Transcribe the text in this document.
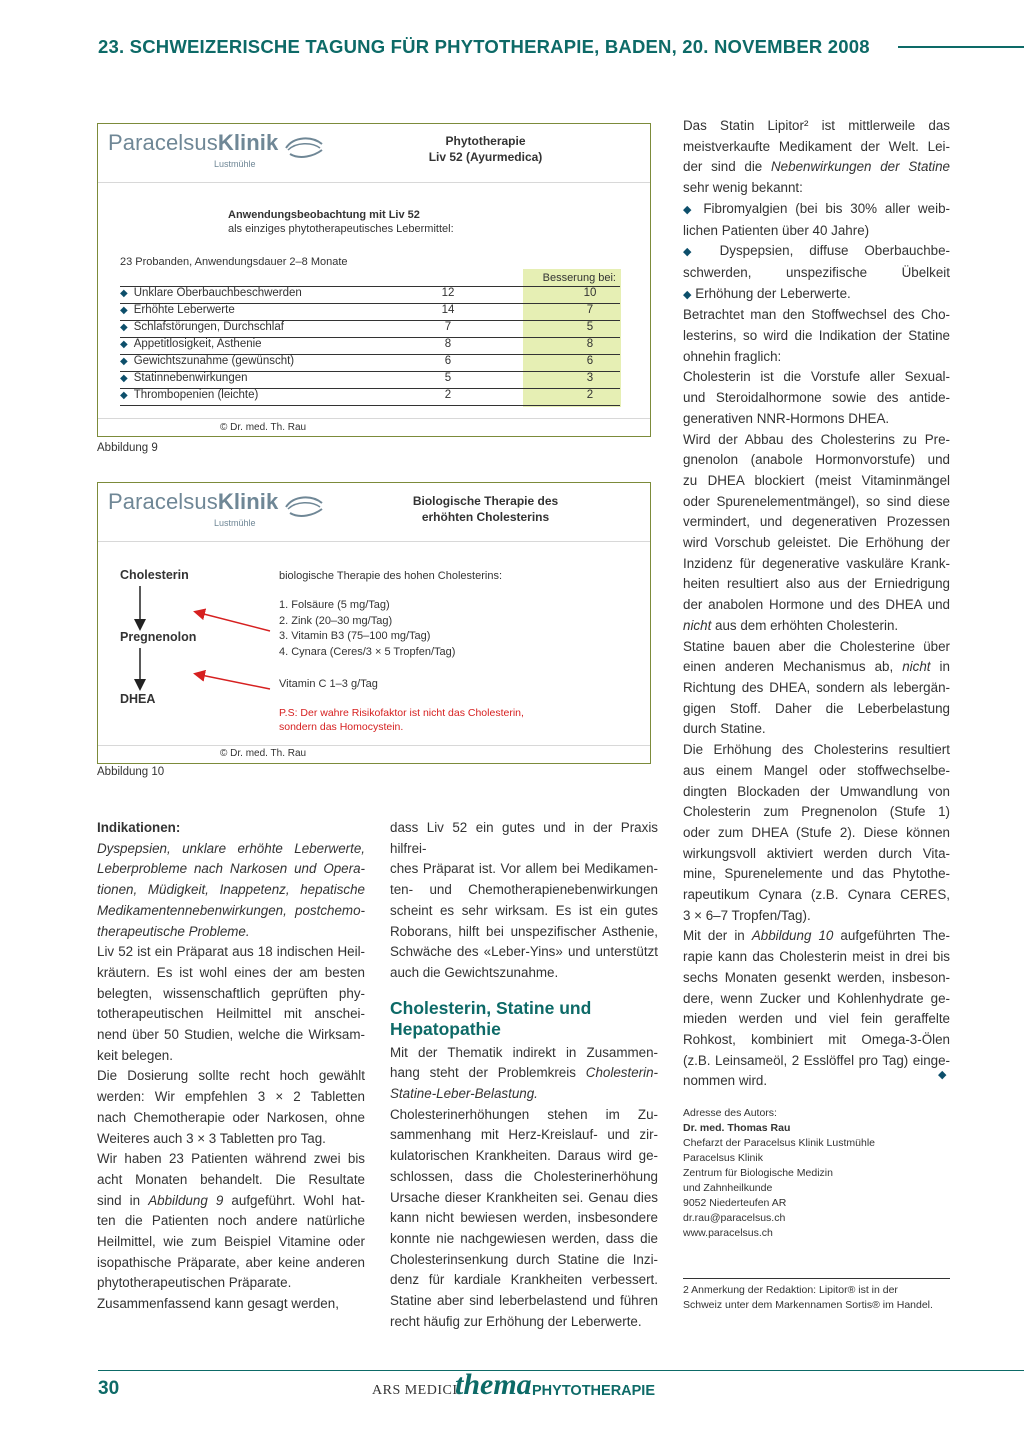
23. SCHWEIZERISCHE TAGUNG FÜR PHYTOTHERAPIE, BADEN, 20. NOVEMBER 2008
ParacelsusKlinik
Lustmühle
Phytotherapie
Liv 52 (Ayurmedica)
Anwendungsbeobachtung mit Liv 52
als einziges phytotherapeutisches Lebermittel:
23 Probanden, Anwendungsdauer 2–8 Monate
Besserung bei:
© Dr. med. Th. Rau
◆ Unklare Oberbauchbeschwerden	12	10
◆ Erhöhte Leberwerte	14	7
◆ Schlafstörungen, Durchschlaf	7	5
◆ Appetitlosigkeit, Asthenie	8	8
◆ Gewichtszunahme (gewünscht)	6	6
◆ Statinnebenwirkungen	5	3
◆ Thrombopenien (leichte)	2	2
Abbildung 9
ParacelsusKlinik
Lustmühle
Biologische Therapie des
erhöhten Cholesterins
Cholesterin
Pregnenolon
DHEA
biologische Therapie des hohen Cholesterins:
1. Folsäure (5 mg/Tag)
2. Zink (20–30 mg/Tag)
3. Vitamin B3 (75–100 mg/Tag)
4. Cynara (Ceres/3 × 5 Tropfen/Tag)
Vitamin C 1–3 g/Tag
P.S: Der wahre Risikofaktor ist nicht das Cholesterin,
sondern das Homocystein.
© Dr. med. Th. Rau
Abbildung 10

Indikationen:

Dyspepsien, unklare erhöhte Leberwerte,

Leberprobleme nach Narkosen und Opera-

tionen, Müdigkeit, Inappetenz, hepatische

Medikamentennebenwirkungen, postchemo-

therapeutische Probleme.

Liv 52 ist ein Präparat aus 18 indischen Heil-

kräutern. Es ist wohl eines der am besten

belegten, wissenschaftlich geprüften phy-

totherapeutischen Heilmittel mit anschei-

nend über 50 Studien, welche die Wirksam-

keit belegen.

Die Dosierung sollte recht hoch gewählt

werden: Wir empfehlen 3 × 2 Tabletten

nach Chemotherapie oder Narkosen, ohne

Weiteres auch 3 × 3 Tabletten pro Tag.

Wir haben 23 Patienten während zwei bis

acht Monaten behandelt. Die Resultate

sind in Abbildung 9 aufgeführt. Wohl hat-

ten die Patienten noch andere natürliche

Heilmittel, wie zum Beispiel Vitamine oder

isopathische Präparate, aber keine anderen

phytotherapeutischen Präparate.

Zusammenfassend kann gesagt werden,

dass Liv 52 ein gutes und in der Praxis hilfrei-

ches Präparat ist. Vor allem bei Medikamen-

ten- und Chemotherapienebenwirkungen

scheint es sehr wirksam. Es ist ein gutes

Roborans, hilft bei unspezifischer Asthenie,

Schwäche des «Leber-Yins» und unterstützt

auch die Gewichtszunahme.

Cholesterin, Statine und
Hepatopathie

Mit der Thematik indirekt in Zusammen-

hang steht der Problemkreis Cholesterin-

Statine-Leber-Belastung.

Cholesterinerhöhungen stehen im Zu-

sammenhang mit Herz-Kreislauf- und zir-

kulatorischen Krankheiten. Daraus wird ge-

schlossen, dass die Cholesterinerhöhung

Ursache dieser Krankheiten sei. Genau dies

kann nicht bewiesen werden, insbesondere

konnte nie nachgewiesen werden, dass die

Cholesterinsenkung durch Statine die Inzi-

denz für kardiale Krankheiten verbessert.

Statine aber sind leberbelastend und führen

recht häufig zur Erhöhung der Leberwerte.

Das Statin Lipitor² ist mittlerweile das

meistverkaufte Medikament der Welt. Lei-

der sind die Nebenwirkungen der Statine

sehr wenig bekannt:

◆ Fibromyalgien (bei bis 30% aller weib-

lichen Patienten über 40 Jahre)

◆ Dyspepsien, diffuse Oberbauchbe-

schwerden, unspezifische Übelkeit

◆ Erhöhung der Leberwerte.

Betrachtet man den Stoffwechsel des Cho-

lesterins, so wird die Indikation der Statine

ohnehin fraglich:

Cholesterin ist die Vorstufe aller Sexual-

und Steroidalhormone sowie des antide-

generativen NNR-Hormons DHEA.

Wird der Abbau des Cholesterins zu Pre-

gnenolon (anabole Hormonvorstufe) und

zu DHEA blockiert (meist Vitaminmängel

oder Spurenelementmängel), so sind diese

vermindert, und degenerativen Prozessen

wird Vorschub geleistet. Die Erhöhung der

Inzidenz für degenerative vaskuläre Krank-

heiten resultiert also aus der Erniedrigung

der anabolen Hormone und des DHEA und

nicht aus dem erhöhten Cholesterin.

Statine bauen aber die Cholesterine über

einen anderen Mechanismus ab, nicht in

Richtung des DHEA, sondern als lebergän-

gigen Stoff. Daher die Leberbelastung

durch Statine.

Die Erhöhung des Cholesterins resultiert

aus einem Mangel oder stoffwechselbe-

dingten Blockaden der Umwandlung von

Cholesterin zum Pregnenolon (Stufe 1)

oder zum DHEA (Stufe 2). Diese können

wirkungsvoll aktiviert werden durch Vita-

mine, Spurenelemente und das Phytothe-

rapeutikum Cynara (z.B. Cynara CERES,

3 × 6–7 Tropfen/Tag).

Mit der in Abbildung 10 aufgeführten The-

rapie kann das Cholesterin meist in drei bis

sechs Monaten gesenkt werden, insbeson-

dere, wenn Zucker und Kohlenhydrate ge-

mieden werden und viel fein geraffelte

Rohkost, kombiniert mit Omega-3-Ölen

(z.B. Leinsameöl, 2 Esslöffel pro Tag) einge-

nommen wird.	◆
Adresse des Autors:
Dr. med. Thomas Rau
Chefarzt der Paracelsus Klinik Lustmühle
Paracelsus Klinik
Zentrum für Biologische Medizin
und Zahnheilkunde
9052 Niederteufen AR
dr.rau@paracelsus.ch
www.paracelsus.ch
2 Anmerkung der Redaktion: Lipitor® ist in der
Schweiz unter dem Markennamen Sortis® im Handel.
30	ARS MEDICI
thema PHYTOTHERAPIE
